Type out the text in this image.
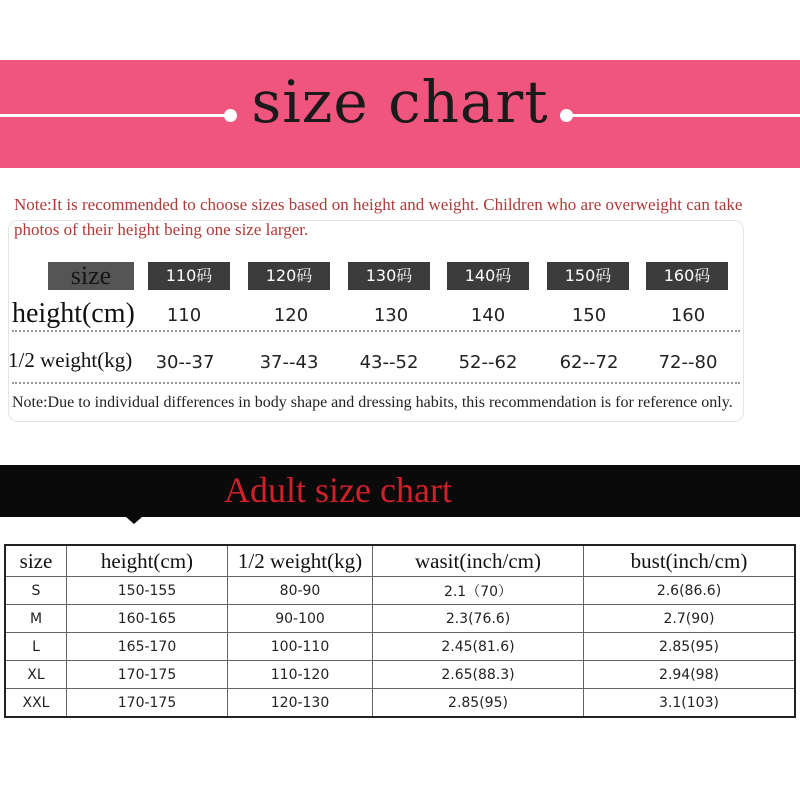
size chart
Note:It is recommended to choose sizes based on height and weight. Children who are overweight can take photos of their height being one size larger.
size	110码	120码	130码	140码	150码	160码
height(cm)	110	120	130	140	150	160
1/2 weight(kg)	30--37	37--43	43--52	52--62	62--72	72--80
Note:Due to individual differences in body shape and dressing habits, this recommendation is for reference only.
Adult size chart
size	height(cm)	1/2 weight(kg)	wasit(inch/cm)	bust(inch/cm)
S	150-155	80-90	2.1（70）	2.6(86.6)
M	160-165	90-100	2.3(76.6)	2.7(90)
L	165-170	100-110	2.45(81.6)	2.85(95)
XL	170-175	110-120	2.65(88.3)	2.94(98)
XXL	170-175	120-130	2.85(95)	3.1(103)
